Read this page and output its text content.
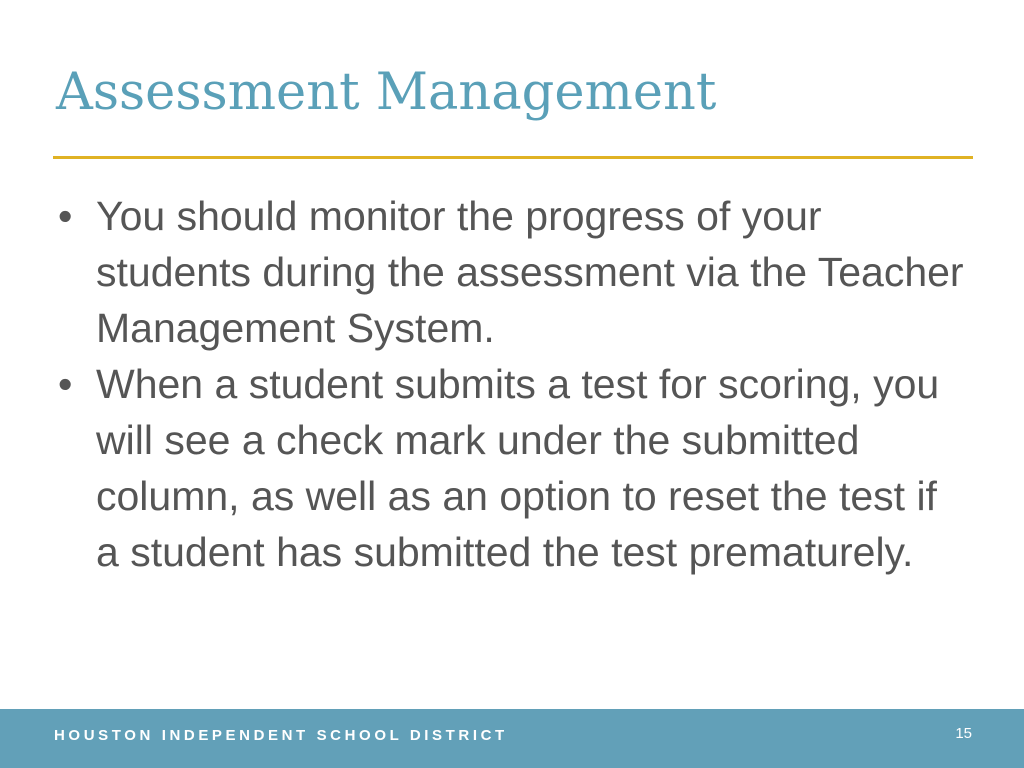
Assessment Management
• You should monitor the progress of your students during the assessment via the Teacher Management System.
• When a student submits a test for scoring, you will see a check mark under the submitted column, as well as an option to reset the test if a student has submitted the test prematurely.
HOUSTON INDEPENDENT SCHOOL DISTRICT	15
